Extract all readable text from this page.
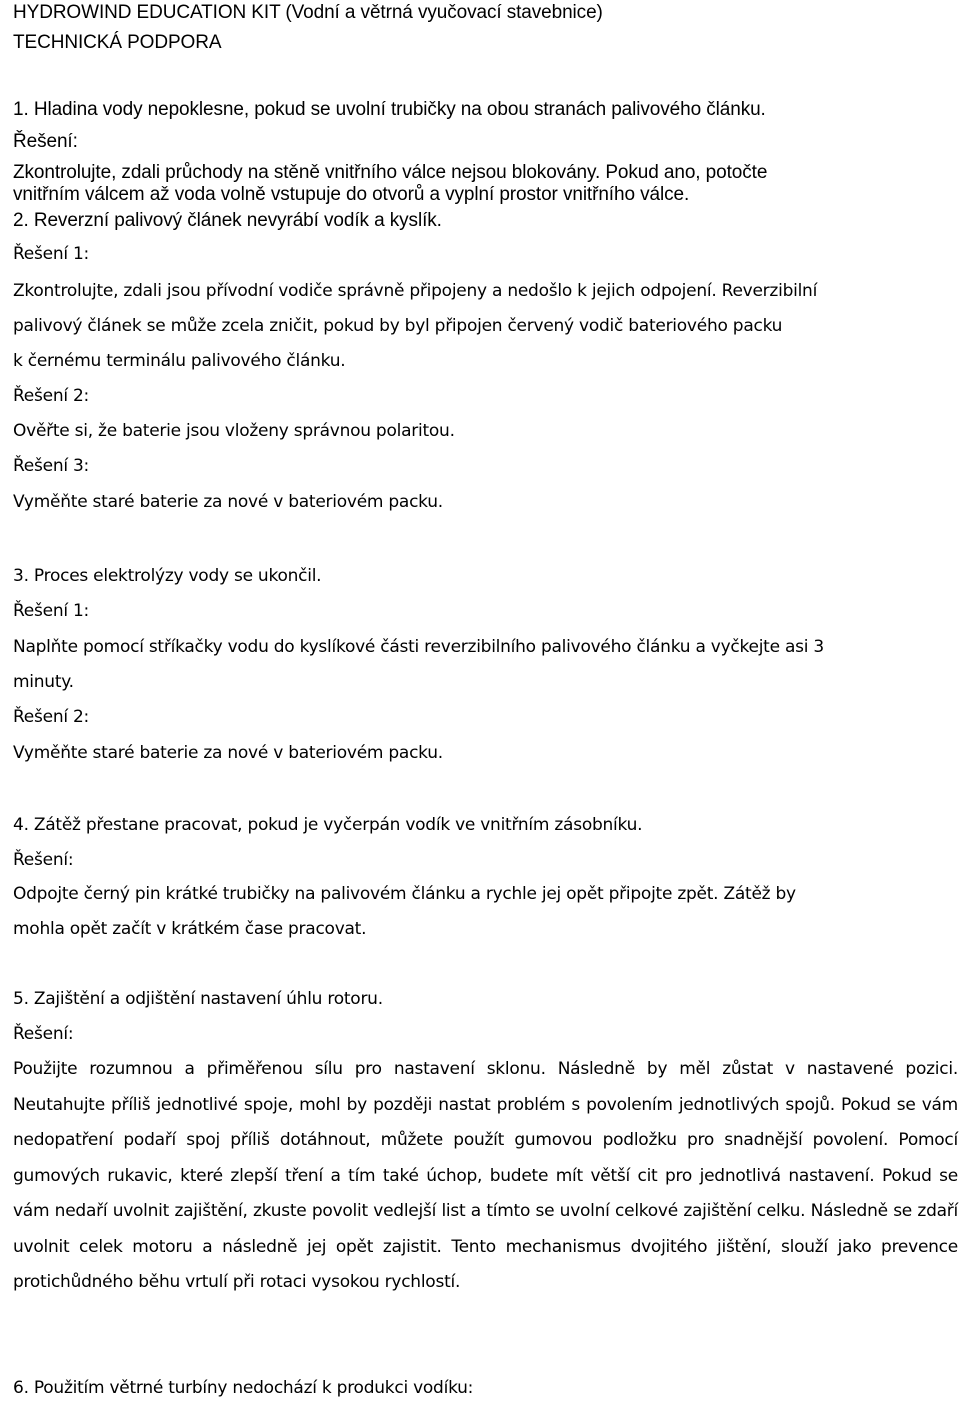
HYDROWIND EDUCATION KIT (Vodní a větrná vyučovací stavebnice)

TECHNICKÁ PODPORA

1. Hladina vody nepoklesne, pokud se uvolní trubičky na obou stranách palivového článku.

Řešení:

Zkontrolujte, zdali průchody na stěně vnitřního válce nejsou blokovány. Pokud ano, potočte

vnitřním válcem až voda volně vstupuje do otvorů a vyplní prostor vnitřního válce.

2. Reverzní palivový článek nevyrábí vodík a kyslík.

Řešení 1:

Zkontrolujte, zdali jsou přívodní vodiče správně připojeny a nedošlo k jejich odpojení. Reverzibilní

palivový článek se může zcela zničit, pokud by byl připojen červený vodič bateriového packu

k černému terminálu palivového článku.

Řešení 2:

Ověřte si, že baterie jsou vloženy správnou polaritou.

Řešení 3:

Vyměňte staré baterie za nové v bateriovém packu.

3. Proces elektrolýzy vody se ukončil.

Řešení 1:

Naplňte pomocí stříkačky vodu do kyslíkové části reverzibilního palivového článku a vyčkejte asi 3

minuty.

Řešení 2:

Vyměňte staré baterie za nové v bateriovém packu.

4. Zátěž přestane pracovat, pokud je vyčerpán vodík ve vnitřním zásobníku.

Řešení:

Odpojte černý pin krátké trubičky na palivovém článku a rychle jej opět připojte zpět. Zátěž by

mohla opět začít v krátkém čase pracovat.

5. Zajištění a odjištění nastavení úhlu rotoru.

Řešení:

Použijte rozumnou a přiměřenou sílu pro nastavení sklonu. Následně by měl zůstat v nastavené pozici. Neutahujte příliš jednotlivé spoje, mohl by později nastat problém s povolením jednotlivých spojů. Pokud se vám nedopatření podaří spoj příliš dotáhnout, můžete použít gumovou podložku pro snadnější povolení. Pomocí gumových rukavic, které zlepší tření a tím také úchop, budete mít větší cit pro jednotlivá nastavení. Pokud se vám nedaří uvolnit zajištění, zkuste povolit vedlejší list a tímto se uvolní celkové zajištění celku. Následně se zdaří uvolnit celek motoru a následně jej opět zajistit. Tento mechanismus dvojitého jištění, slouží jako prevence protichůdného běhu vrtulí při rotaci vysokou rychlostí.

6. Použitím větrné turbíny nedochází k produkci vodíku:
